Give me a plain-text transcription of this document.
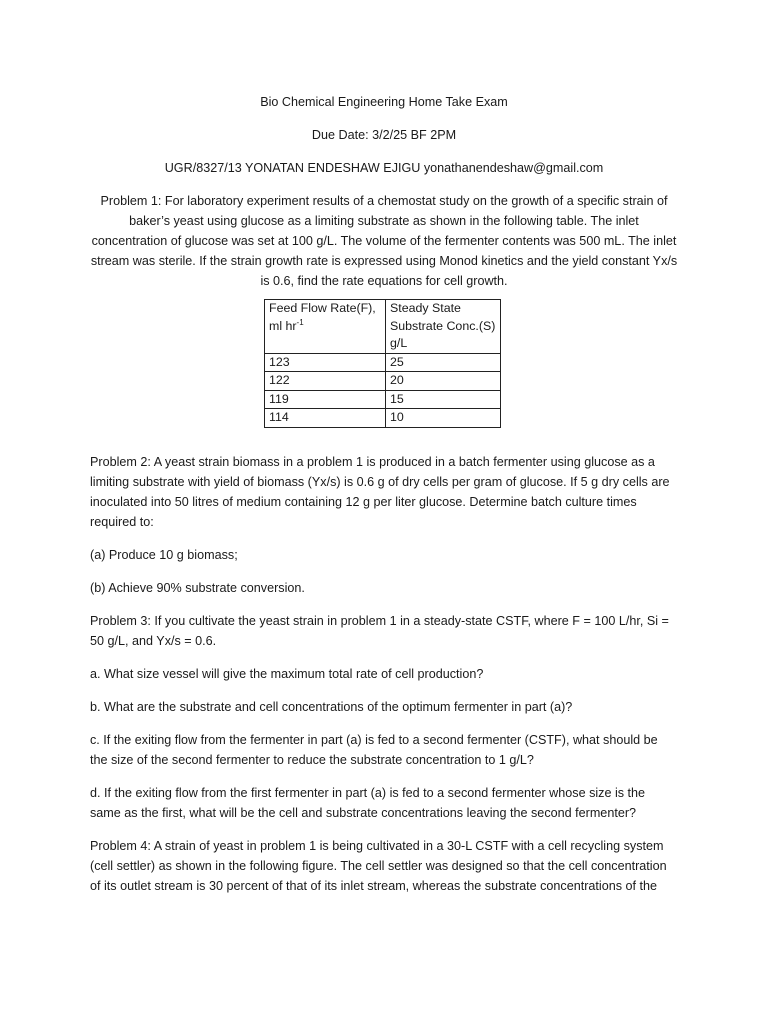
Bio Chemical Engineering Home Take Exam

Due Date: 3/2/25 BF 2PM

UGR/8327/13 YONATAN ENDESHAW EJIGU yonathanendeshaw@gmail.com

Problem 1: For laboratory experiment results of a chemostat study on the growth of a specific strain of baker’s yeast using glucose as a limiting substrate as shown in the following table. The inlet concentration of glucose was set at 100 g/L. The volume of the fermenter contents was 500 mL. The inlet stream was sterile. If the strain growth rate is expressed using Monod kinetics and the yield constant Yx/s is 0.6, find the rate equations for cell growth.

Feed Flow Rate(F),
ml $hr^{-1}$	Steady State
Substrate Conc.(S)
g/L
123	25
122	20
119	15
114	10

Problem 2: A yeast strain biomass in a problem 1 is produced in a batch fermenter using glucose as a limiting substrate with yield of biomass (Yx/s) is 0.6 g of dry cells per gram of glucose. If 5 g dry cells are inoculated into 50 litres of medium containing 12 g per liter glucose. Determine batch culture times required to:

(a) Produce 10 g biomass;

(b) Achieve 90% substrate conversion.

Problem 3: If you cultivate the yeast strain in problem 1 in a steady-state CSTF, where F = 100 L/hr, Si = 50 g/L, and Yx/s = 0.6.

a. What size vessel will give the maximum total rate of cell production?

b. What are the substrate and cell concentrations of the optimum fermenter in part (a)?

c. If the exiting flow from the fermenter in part (a) is fed to a second fermenter (CSTF), what should be the size of the second fermenter to reduce the substrate concentration to 1 g/L?

d. If the exiting flow from the first fermenter in part (a) is fed to a second fermenter whose size is the same as the first, what will be the cell and substrate concentrations leaving the second fermenter?

Problem 4: A strain of yeast in problem 1 is being cultivated in a 30-L CSTF with a cell recycling system (cell settler) as shown in the following figure. The cell settler was designed so that the cell concentration of its outlet stream is 30 percent of that of its inlet stream, whereas the substrate concentrations of the
